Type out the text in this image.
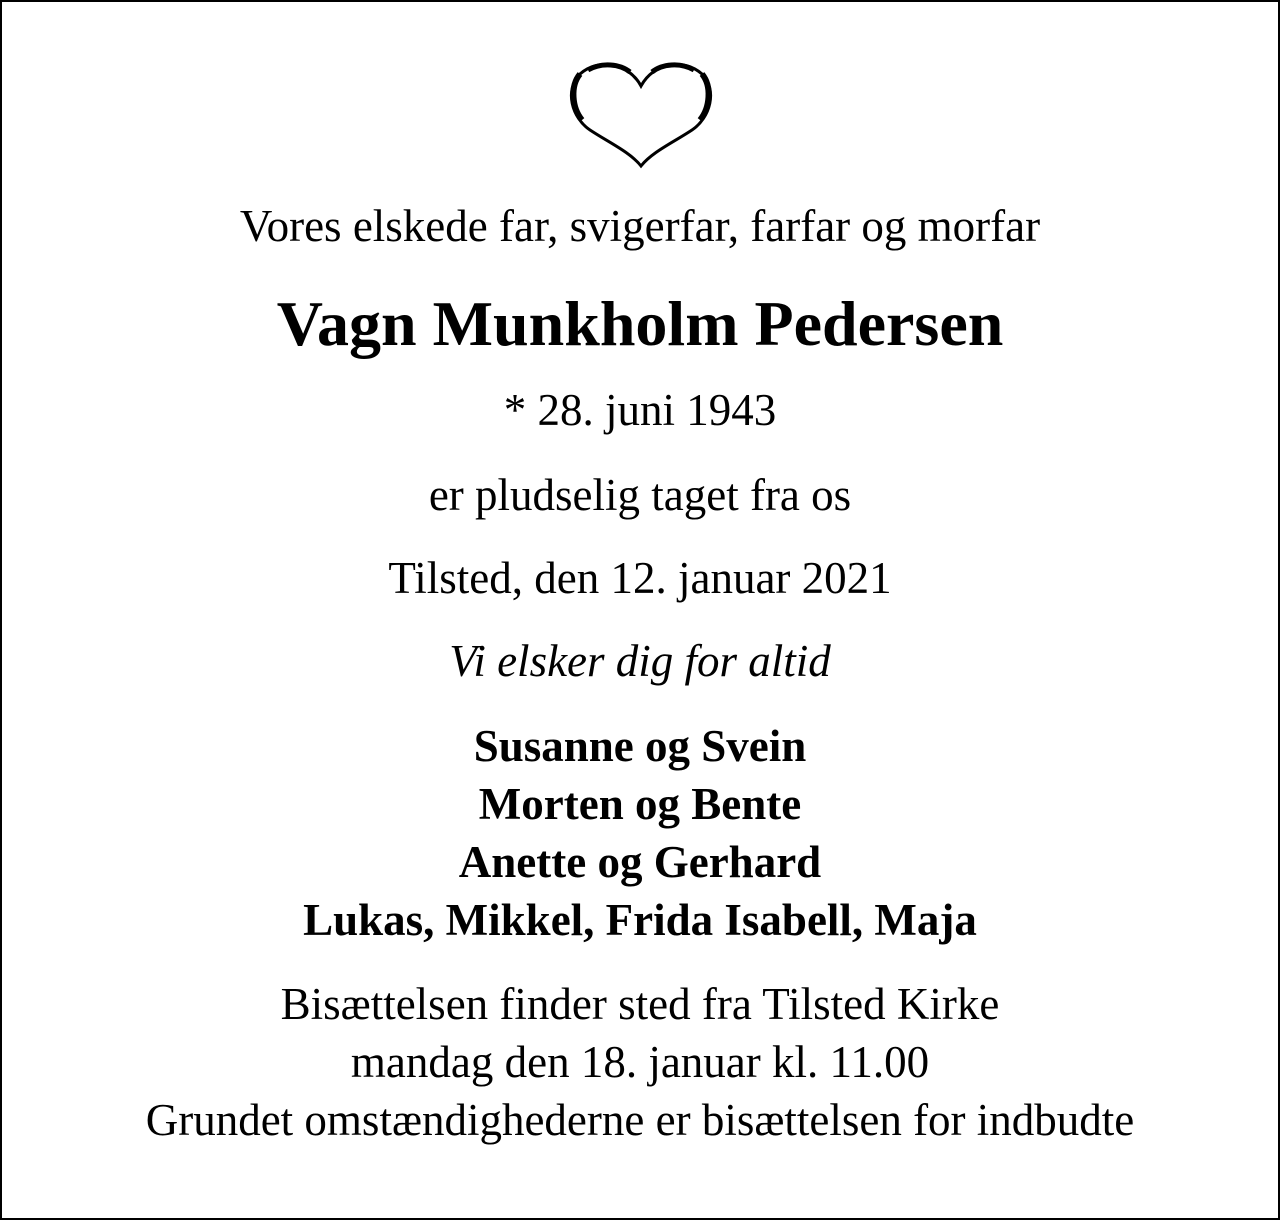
Vores elskede far, svigerfar, farfar og morfar
Vagn Munkholm Pedersen
* 28. juni 1943
er pludselig taget fra os
Tilsted, den 12. januar 2021
Vi elsker dig for altid
Susanne og Svein
Morten og Bente
Anette og Gerhard
Lukas, Mikkel, Frida Isabell, Maja
Bisættelsen finder sted fra Tilsted Kirke
mandag den 18. januar kl. 11.00
Grundet omstændighederne er bisættelsen for indbudte
